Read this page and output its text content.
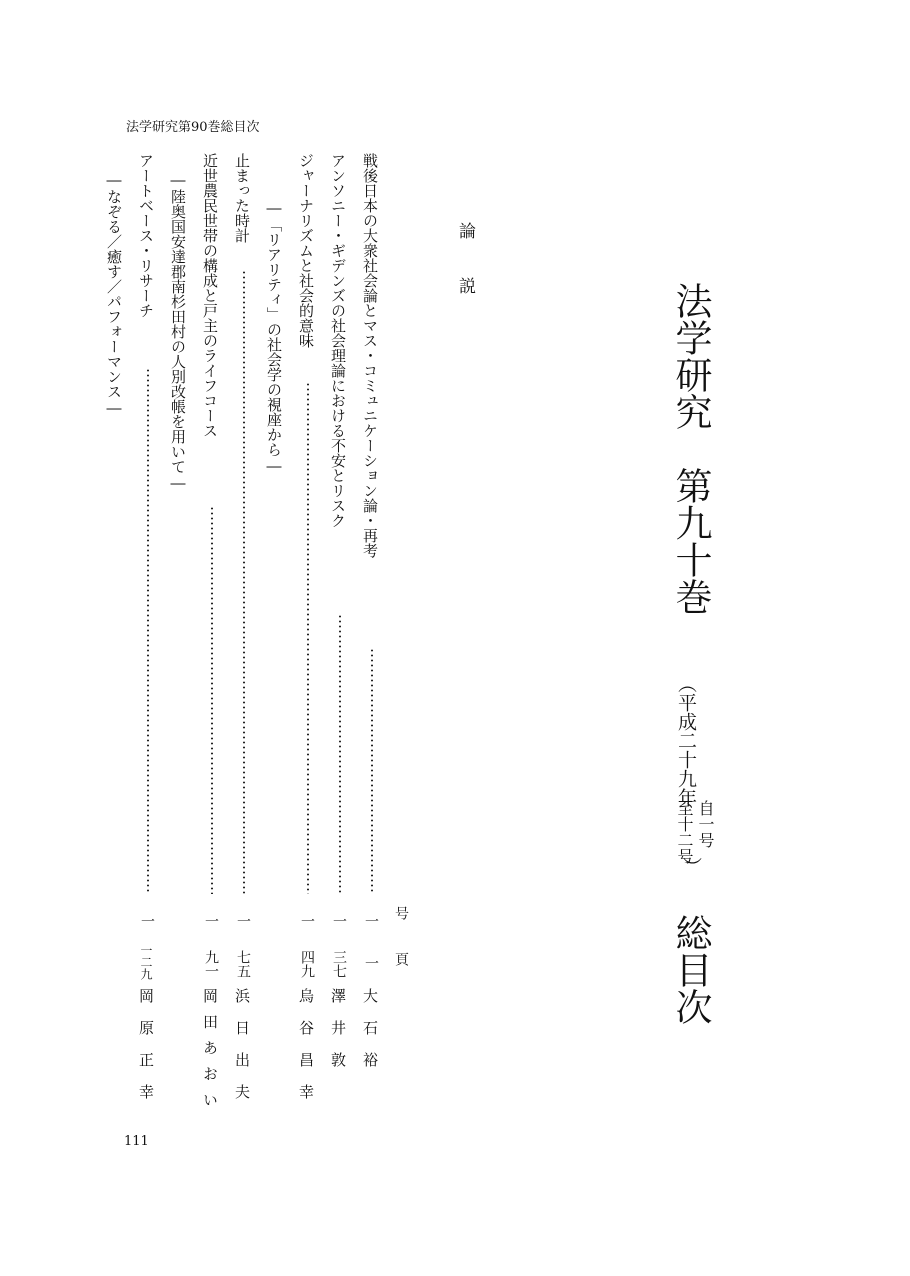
法学研究第90巻総目次
法学研究　第九十巻
（平成二十九年
自一号
至十二号
）
総目次
論説
号
頁
戦後日本の大衆社会論とマス・コミュニケーション論・再考
一
一
大石裕
アンソニー・ギデンズの社会理論における不安とリスク
一
三七
澤井敦
ジャーナリズムと社会的意味
―「リアリティ」の社会学の視座から―
一
四九
烏谷昌幸
止まった時計
一
七五
浜日出夫
近世農民世帯の構成と戸主のライフコース
―陸奥国安達郡南杉田村の人別改帳を用いて―
一
九一
岡田あおい
アートベース・リサーチ
―なぞる／癒す／パフォーマンス―
一
一二九
岡原正幸
111
